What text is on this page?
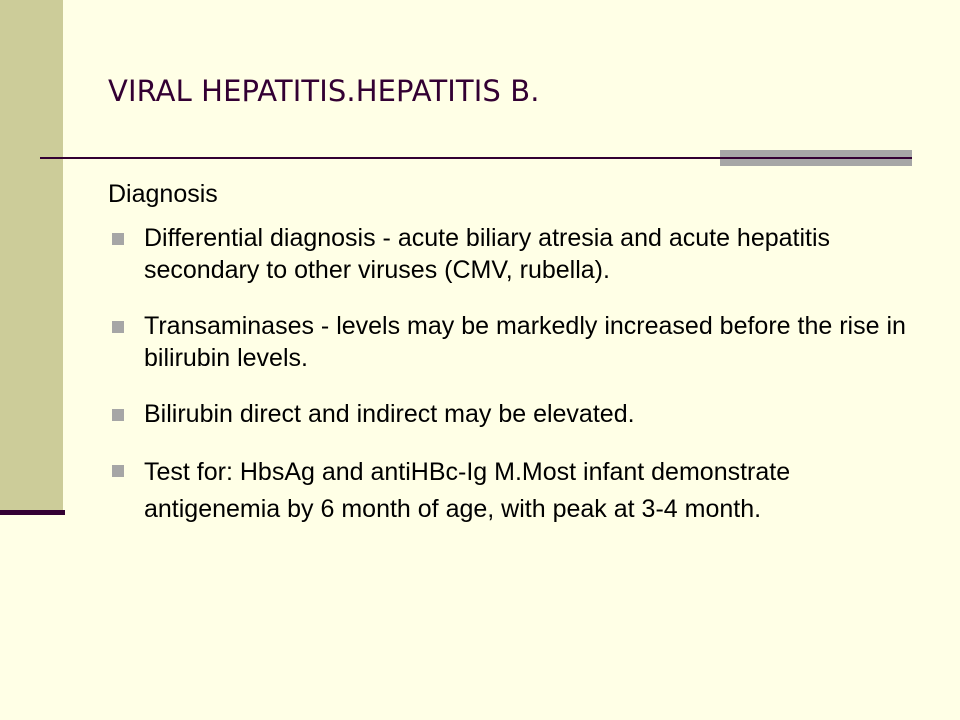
VIRAL HEPATITIS.HEPATITIS B.
Diagnosis
Differential diagnosis - acute biliary atresia and acute hepatitis secondary to other viruses (CMV, rubella).
Transaminases - levels may be markedly increased before the rise in bilirubin levels.
Bilirubin direct and indirect may be elevated.
Test for: HbsAg and antiHBc-Ig M.Most infant demonstrate antigenemia by 6 month of age, with peak at 3-4 month.
